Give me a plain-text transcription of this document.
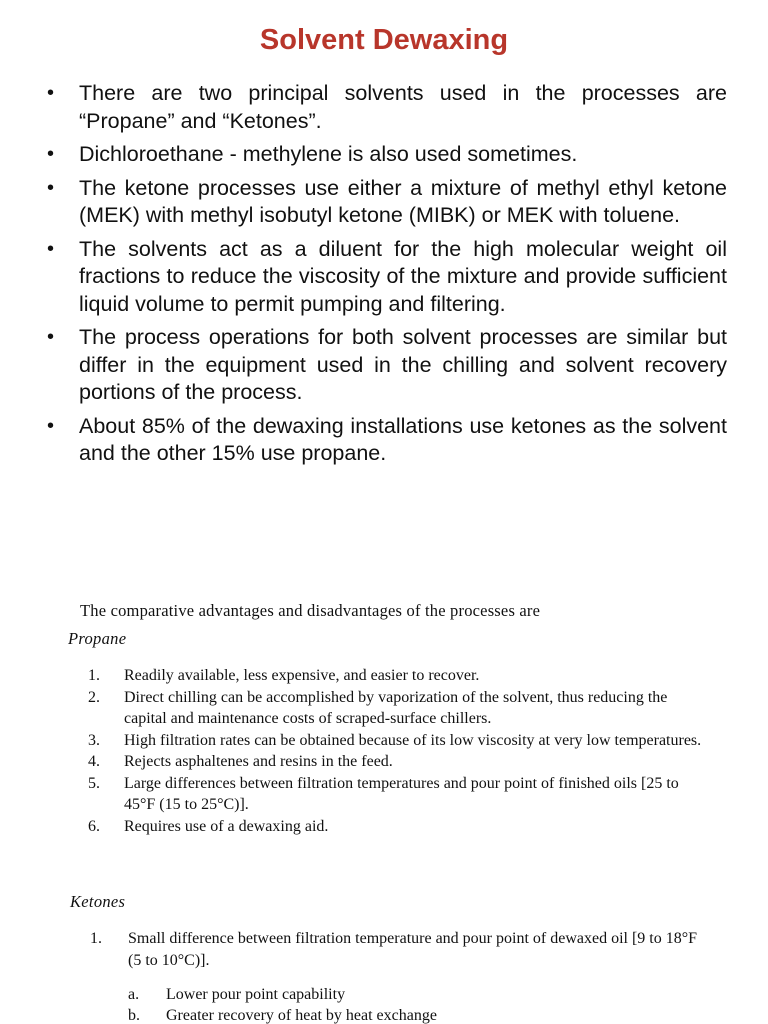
Solvent Dewaxing
• There are two principal solvents used in the processes are “Propane” and “Ketones”.
• Dichloroethane - methylene is also used sometimes.
• The ketone processes use either a mixture of methyl ethyl ketone (MEK) with methyl isobutyl ketone (MIBK) or MEK with toluene.
• The solvents act as a diluent for the high molecular weight oil fractions to reduce the viscosity of the mixture and provide sufficient liquid volume to permit pumping and filtering.
• The process operations for both solvent processes are similar but differ in the equipment used in the chilling and solvent recovery portions of the process.
• About 85% of the dewaxing installations use ketones as the solvent and the other 15% use propane.
The comparative advantages and disadvantages of the processes are
Propane
1. Readily available, less expensive, and easier to recover.
2. Direct chilling can be accomplished by vaporization of the solvent, thus reducing the capital and maintenance costs of scraped-surface chillers.
3. High filtration rates can be obtained because of its low viscosity at very low temperatures.
4. Rejects asphaltenes and resins in the feed.
5. Large differences between filtration temperatures and pour point of finished oils [25 to 45°F (15 to 25°C)].
6. Requires use of a dewaxing aid.
Ketones
1. Small difference between filtration temperature and pour point of dewaxed oil [9 to 18°F (5 to 10°C)].
a. Lower pour point capability
b. Greater recovery of heat by heat exchange
